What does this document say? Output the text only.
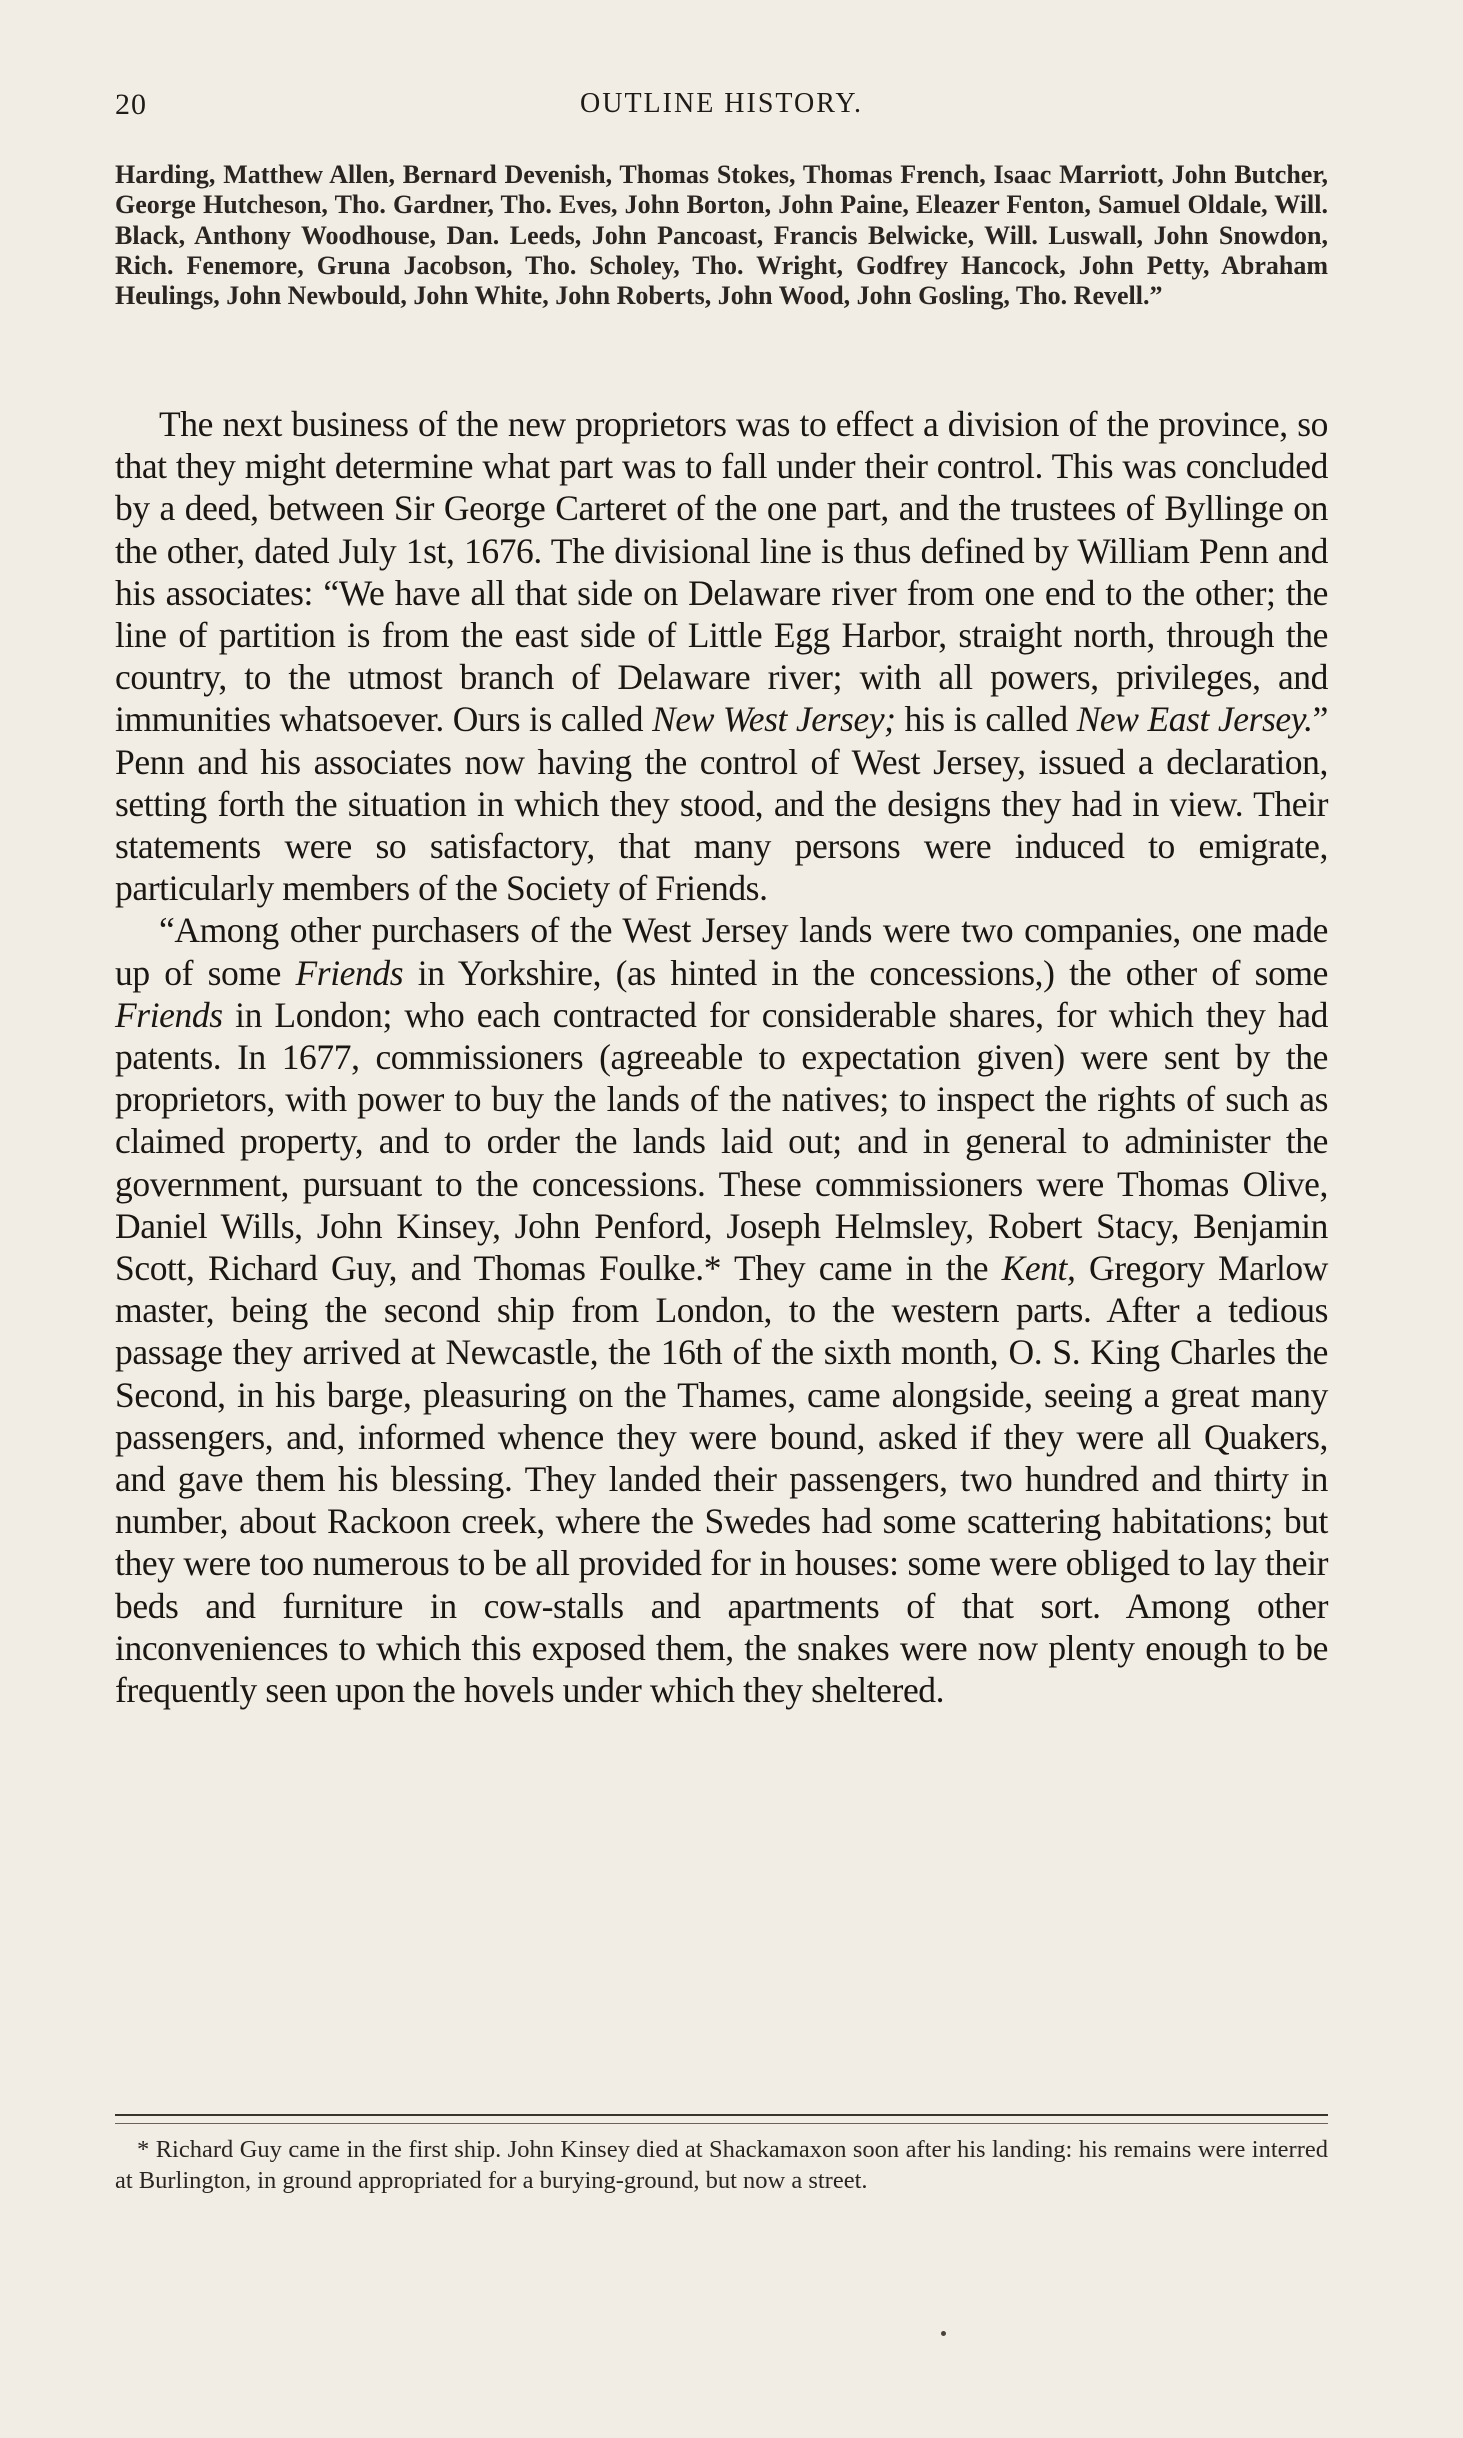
20	OUTLINE HISTORY.
Harding, Matthew Allen, Bernard Devenish, Thomas Stokes, Thomas French, Isaac Marriott, John Butcher, George Hutcheson, Tho. Gardner, Tho. Eves, John Borton, John Paine, Eleazer Fenton, Samuel Oldale, Will. Black, Anthony Woodhouse, Dan. Leeds, John Pancoast, Francis Belwicke, Will. Luswall, John Snowdon, Rich. Fenemore, Gruna Jacobson, Tho. Scholey, Tho. Wright, Godfrey Hancock, John Petty, Abraham Heulings, John Newbould, John White, John Roberts, John Wood, John Gosling, Tho. Revell.”

The next business of the new proprietors was to effect a division of the province, so that they might determine what part was to fall under their control. This was concluded by a deed, between Sir George Carteret of the one part, and the trustees of Byllinge on the other, dated July 1st, 1676. The divisional line is thus defined by William Penn and his associates: “We have all that side on Delaware river from one end to the other; the line of partition is from the east side of Little Egg Harbor, straight north, through the country, to the utmost branch of Delaware river; with all powers, privileges, and immunities whatsoever. Ours is called New West Jersey; his is called New East Jersey.” Penn and his associates now having the control of West Jersey, issued a declaration, setting forth the situation in which they stood, and the designs they had in view. Their statements were so satisfactory, that many persons were induced to emigrate, particularly members of the Society of Friends.

“Among other purchasers of the West Jersey lands were two companies, one made up of some Friends in Yorkshire, (as hinted in the concessions,) the other of some Friends in London; who each contracted for considerable shares, for which they had patents. In 1677, commissioners (agreeable to expectation given) were sent by the proprietors, with power to buy the lands of the natives; to inspect the rights of such as claimed property, and to order the lands laid out; and in general to administer the government, pursuant to the concessions. These commissioners were Thomas Olive, Daniel Wills, John Kinsey, John Penford, Joseph Helmsley, Robert Stacy, Benjamin Scott, Richard Guy, and Thomas Foulke.* They came in the Kent, Gregory Marlow master, being the second ship from London, to the western parts. After a tedious passage they arrived at Newcastle, the 16th of the sixth month, O. S. King Charles the Second, in his barge, pleasuring on the Thames, came alongside, seeing a great many passengers, and, informed whence they were bound, asked if they were all Quakers, and gave them his blessing. They landed their passengers, two hundred and thirty in number, about Rackoon creek, where the Swedes had some scattering habitations; but they were too numerous to be all provided for in houses: some were obliged to lay their beds and furniture in cow-stalls and apartments of that sort. Among other inconveniences to which this exposed them, the snakes were now plenty enough to be frequently seen upon the hovels under which they sheltered.

* Richard Guy came in the first ship. John Kinsey died at Shackamaxon soon after his landing: his remains were interred at Burlington, in ground appropriated for a burying-ground, but now a street.
